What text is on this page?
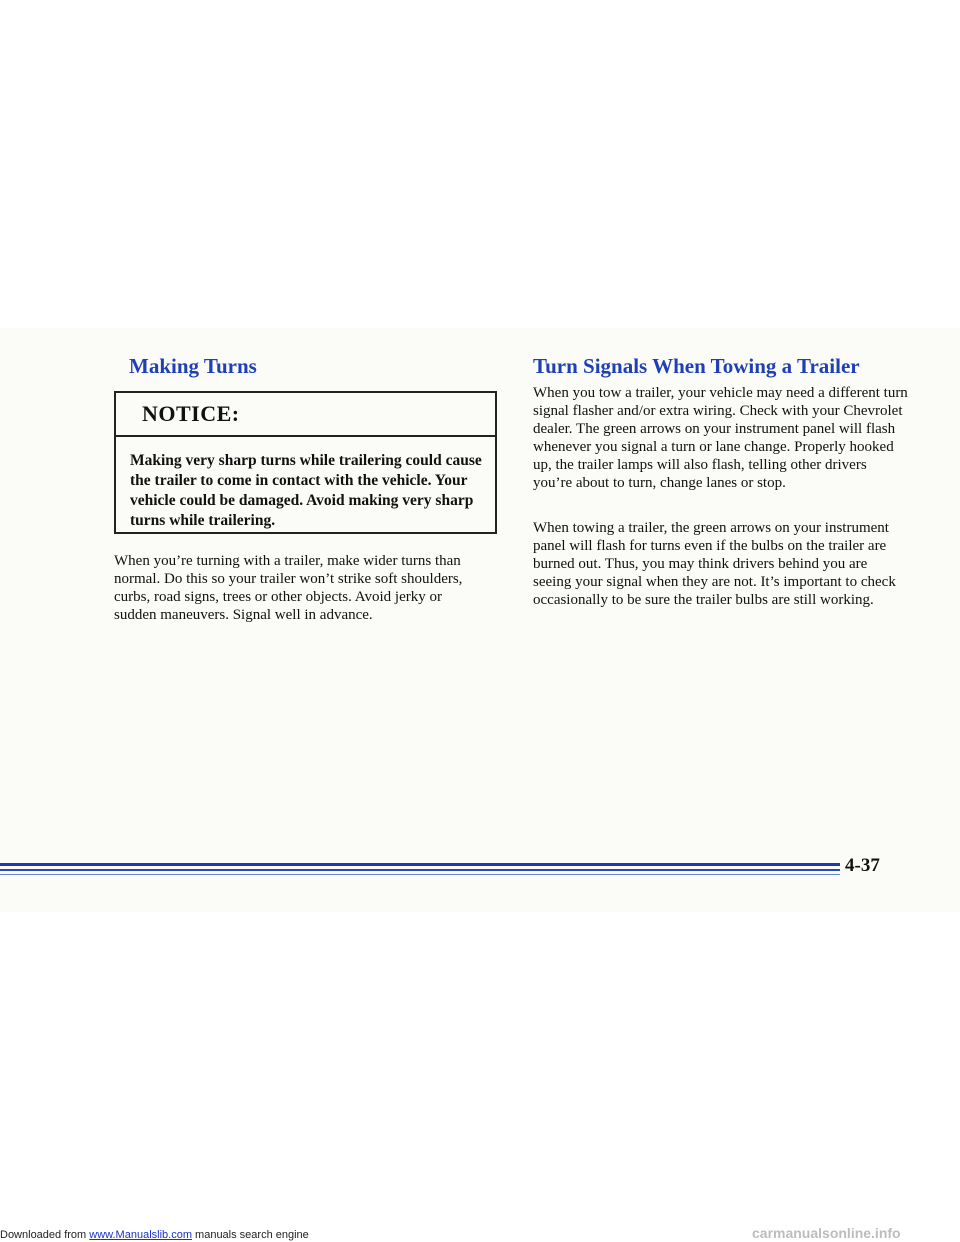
Making Turns
NOTICE:
Making very sharp turns while trailering could cause the trailer to come in contact with the vehicle. Your vehicle could be damaged. Avoid making very sharp turns while trailering.

When you’re turning with a trailer, make wider turns than normal. Do this so your trailer won’t strike soft shoulders, curbs, road signs, trees or other objects. Avoid jerky or sudden maneuvers. Signal well in advance.

Turn Signals When Towing a Trailer

When you tow a trailer, your vehicle may need a different turn signal flasher and/or extra wiring. Check with your Chevrolet dealer. The green arrows on your instrument panel will flash whenever you signal a turn or lane change. Properly hooked up, the trailer lamps will also flash, telling other drivers you’re about to turn, change lanes or stop.

When towing a trailer, the green arrows on your instrument panel will flash for turns even if the bulbs on the trailer are burned out. Thus, you may think drivers behind you are seeing your signal when they are not. It’s important to check occasionally to be sure the trailer bulbs are still working.

4-37
Downloaded from www.Manualslib.com manuals search engine	carmanualsonline.info
